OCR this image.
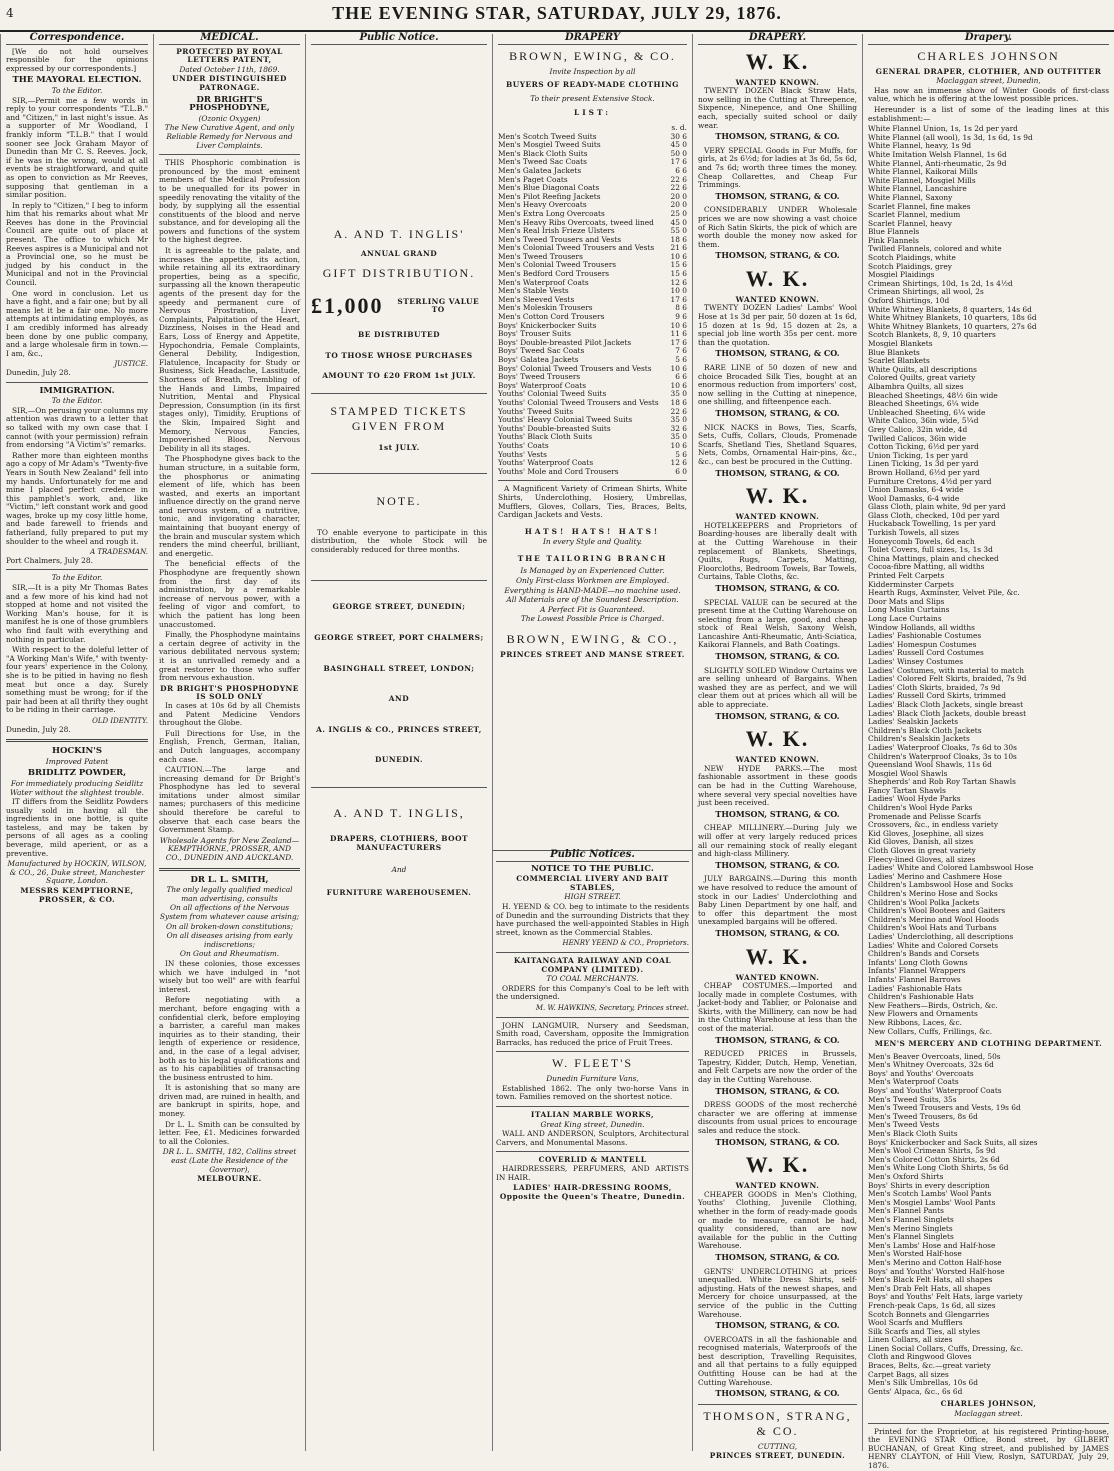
4	THE EVENING STAR, SATURDAY, JULY 29, 1876.
Correspondence.

[We do not hold ourselves responsible for the opinions expressed by our correspondents.]

THE MAYORAL ELECTION.
To the Editor.

SIR,—Permit me a few words in reply to your correspondents "T.L.B." and "Citizen," in last night's issue. As a supporter of Mr Woodland, I frankly inform "T.L.B." that I would sooner see Jock Graham Mayor of Dunedin than Mr C. S. Reeves. Jock, if he was in the wrong, would at all events be straightforward, and quite as open to conviction as Mr Reeves, supposing that gentleman in a similar position.

In reply to "Citizen," I beg to inform him that his remarks about what Mr Reeves has done in the Provincial Council are quite out of place at present. The office to which Mr Reeves aspires is a Municipal and not a Provincial one, so he must be judged by his conduct in the Municipal and not in the Provincial Council.

One word in conclusion. Let us have a fight, and a fair one; but by all means let it be a fair one. No more attempts at intimidating employés, as I am credibly informed has already been done by one public company, and a large wholesale firm in town.—I am, &c.,

JUSTICE.
Dunedin, July 28.
IMMIGRATION.
To the Editor.

SIR,—On perusing your columns my attention was drawn to a letter that so talked with my own case that I cannot (with your permission) refrain from endorsing "A Victim's" remarks.

Rather more than eighteen months ago a copy of Mr Adam's "Twenty-five Years in South New Zealand" fell into my hands. Unfortunately for me and mine I placed perfect credence in this pamphlet's work, and, like "Victim," left constant work and good wages, broke up my cosy little home, and bade farewell to friends and fatherland, fully prepared to put my shoulder to the wheel and rough it.

A TRADESMAN.
Port Chalmers, July 28.
To the Editor.

SIR,—It is a pity Mr Thomas Bates and a few more of his kind had not stopped at home and not visited the Working Man's house, for it is manifest he is one of those grumblers who find fault with everything and nothing in particular.

With respect to the doleful letter of "A Working Man's Wife," with twenty-four years' experience in the Colony, she is to be pitied in having no flesh meat but once a day. Surely something must be wrong; for if the pair had been at all thrifty they ought to be riding in their carriage.

OLD IDENTITY.
Dunedin, July 28.
HOCKIN'S
Improved Patent
BRIDLITZ POWDER,
For immediately producing Seidlitz Water without the slightest trouble.

IT differs from the Seidlitz Powders usually sold in having all the ingredients in one bottle, is quite tasteless, and may be taken by persons of all ages as a cooling beverage, mild aperient, or as a preventive.

Manufactured by HOCKIN, WILSON, & CO., 26, Duke street, Manchester Square, London.
MESSRS KEMPTHORNE, PROSSER, & CO.
MEDICAL.
PROTECTED BY ROYAL LETTERS PATENT,
Dated October 11th, 1869.
UNDER DISTINGUISHED PATRONAGE.
DR BRIGHT'S PHOSPHODYNE,
(Ozonic Oxygen)
The New Curative Agent, and only Reliable Remedy for Nervous and Liver Complaints.

THIS Phosphoric combination is pronounced by the most eminent members of the Medical Profession to be unequalled for its power in speedily renovating the vitality of the body, by supplying all the essential constituents of the blood and nerve substance, and for developing all the powers and functions of the system to the highest degree.

It is agreeable to the palate, and increases the appetite, its action, while retaining all its extraordinary properties, being as a specific, surpassing all the known therapeutic agents of the present day for the speedy and permanent cure of Nervous Prostration, Liver Complaints, Palpitation of the Heart, Dizziness, Noises in the Head and Ears, Loss of Energy and Appetite, Hypochondria, Female Complaints, General Debility, Indigestion, Flatulence, Incapacity for Study or Business, Sick Headache, Lassitude, Shortness of Breath, Trembling of the Hands and Limbs, Impaired Nutrition, Mental and Physical Depression, Consumption (in its first stages only), Timidity, Eruptions of the Skin, Impaired Sight and Memory, Nervous Fancies, Impoverished Blood, Nervous Debility in all its stages.

The Phosphodyne gives back to the human structure, in a suitable form, the phosphorus or animating element of life, which has been wasted, and exerts an important influence directly on the grand nerve and nervous system, of a nutritive, tonic, and invigorating character, maintaining that buoyant energy of the brain and muscular system which renders the mind cheerful, brilliant, and energetic.

The beneficial effects of the Phosphodyne are frequently shown from the first day of its administration, by a remarkable increase of nervous power, with a feeling of vigor and comfort, to which the patient has long been unaccustomed.

Finally, the Phosphodyne maintains a certain degree of activity in the various debilitated nervous system; it is an unrivalled remedy and a great restorer to those who suffer from nervous exhaustion.

DR BRIGHT'S PHOSPHODYNE IS SOLD ONLY

In cases at 10s 6d by all Chemists and Patent Medicine Vendors throughout the Globe.

Full Directions for Use, in the English, French, German, Italian, and Dutch languages, accompany each case.

CAUTION.—The large and increasing demand for Dr Bright's Phosphodyne has led to several imitations under almost similar names; purchasers of this medicine should therefore be careful to observe that each case bears the Government Stamp.

Wholesale Agents for New Zealand—KEMPTHORNE, PROSSER, AND CO., DUNEDIN AND AUCKLAND.
DR L. L. SMITH,
The only legally qualified medical man advertising, consults
On all affections of the Nervous System from whatever cause arising;
On all broken-down constitutions;
On all diseases arising from early indiscretions;
On Gout and Rheumatism.

IN these colonies, those excesses which we have indulged in "not wisely but too well" are with fearful interest.

Before negotiating with a merchant, before engaging with a confidential clerk, before employing a barrister, a careful man makes inquiries as to their standing, their length of experience or residence, and, in the case of a legal adviser, both as to his legal qualifications and as to his capabilities of transacting the business entrusted to him.

It is astonishing that so many are driven mad, are ruined in health, and are bankrupt in spirits, hope, and money.

Dr L. L. Smith can be consulted by letter. Fee, £1. Medicines forwarded to all the Colonies.

DR L. L. SMITH, 182, Collins street east (Late the Residence of the Governor),
MELBOURNE.
Public Notice.
A. AND T. INGLIS'
ANNUAL GRAND
GIFT DISTRIBUTION.
£1,000	STERLING VALUE TO
BE DISTRIBUTED
TO THOSE WHOSE PURCHASES
AMOUNT TO £20 FROM 1st JULY.
STAMPED TICKETS GIVEN FROM
1st JULY.
NOTE.

TO enable everyone to participate in this distribution, the whole Stock will be considerably reduced for three months.

GEORGE STREET, DUNEDIN;
GEORGE STREET, PORT CHALMERS;
BASINGHALL STREET, LONDON;
AND
A. INGLIS & CO., PRINCES STREET,
DUNEDIN.
A. AND T. INGLIS,
DRAPERS, CLOTHIERS, BOOT MANUFACTURERS
And
FURNITURE WAREHOUSEMEN.
DRAPERY
BROWN, EWING, & CO.
Invite Inspection by all
BUYERS OF READY-MADE CLOTHING
To their present Extensive Stock.
LIST:
s. d.
Men's Scotch Tweed Suits	30 6
Men's Mosgiel Tweed Suits	45 0
Men's Black Cloth Suits	50 0
Men's Tweed Sac Coats	17 6
Men's Galatea Jackets	6 6
Men's Paget Coats	22 6
Men's Blue Diagonal Coats	22 6
Men's Pilot Reefing Jackets	20 0
Men's Heavy Overcoats	20 0
Men's Extra Long Overcoats	25 0
Men's Heavy Ribs Overcoats, tweed lined 45 0
Men's Real Irish Frieze Ulsters	55 0
Men's Tweed Trousers and Vests	18 6
Men's Colonial Tweed Trousers and Vests 21 6
Men's Tweed Trousers	10 6
Men's Colonial Tweed Trousers	15 6
Men's Bedford Cord Trousers	15 6
Men's Waterproof Coats	12 6
Men's Stable Vests	10 0
Men's Sleeved Vests	17 6
Men's Moleskin Trousers	8 6
Men's Cotton Cord Trousers	9 6
Boys' Knickerbocker Suits	10 6
Boys' Trouser Suits	11 6
Boys' Double-breasted Pilot Jackets	17 6
Boys' Tweed Sac Coats	7 6
Boys' Galatea Jackets	5 6
Boys' Colonial Tweed Trousers and Vests	10 6
Boys' Tweed Trousers	6 6
Boys' Waterproof Coats	10 6
Youths' Colonial Tweed Suits	35 0
Youths' Colonial Tweed Trousers and Vests 18 6
Youths' Tweed Suits	22 6
Youths' Heavy Colonial Tweed Suits	35 0
Youths' Double-breasted Suits	32 6
Youths' Black Cloth Suits	35 0
Youths' Coats	10 6
Youths' Vests	5 6
Youths' Waterproof Coats	12 6
Youths' Mole and Cord Trousers	6 0

A Magnificent Variety of Crimean Shirts, White Shirts, Underclothing, Hosiery, Umbrellas, Mufflers, Gloves, Collars, Ties, Braces, Belts, Cardigan Jackets and Vests.

HATS! HATS! HATS!
In every Style and Quality.
THE TAILORING BRANCH
Is Managed by an Experienced Cutter.
Only First-class Workmen are Employed.
Everything is HAND-MADE—no machine used.
All Materials are of the Soundest Description.
A Perfect Fit is Guaranteed.
The Lowest Possible Price is Charged.
BROWN, EWING, & CO.,
PRINCES STREET AND MANSE STREET.
Public Notices.
NOTICE TO THE PUBLIC.
COMMERCIAL LIVERY AND BAIT STABLES,
HIGH STREET.

H. YEEND & CO. beg to intimate to the residents of Dunedin and the surrounding Districts that they have purchased the well-appointed Stables in High street, known as the Commercial Stables.

HENRY YEEND & CO., Proprietors.
KAITANGATA RAILWAY AND COAL COMPANY (LIMITED).
TO COAL MERCHANTS.

ORDERS for this Company's Coal to be left with the undersigned.

M. W. HAWKINS, Secretary, Princes street.

JOHN LANGMUIR, Nursery and Seedsman, Smith road, Caversham, opposite the Immigration Barracks, has reduced the price of Fruit Trees.

W. FLEET'S
Dunedin Furniture Vans,

Established 1862. The only two-horse Vans in town. Families removed on the shortest notice.

ITALIAN MARBLE WORKS,
Great King street, Dunedin.

WALL AND ANDERSON, Sculptors, Architectural Carvers, and Monumental Masons.

COVERLID & MANTELL

HAIRDRESSERS, PERFUMERS, AND ARTISTS IN HAIR.

LADIES' HAIR-DRESSING ROOMS, Opposite the Queen's Theatre, Dunedin.
DRAPERY.
W. K.
WANTED KNOWN.

TWENTY DOZEN Black Straw Hats, now selling in the Cutting at Threepence, Sixpence, Ninepence, and One Shilling each, specially suited school or daily wear.

THOMSON, STRANG, & CO.

VERY SPECIAL Goods in Fur Muffs, for girls, at 2s 6½d; for ladies at 3s 6d, 5s 6d, and 7s 6d; worth three times the money. Cheap Collarettes, and Cheap Fur Trimmings.

THOMSON, STRANG, & CO.

CONSIDERABLY UNDER Wholesale prices we are now showing a vast choice of Rich Satin Skirts, the pick of which are worth double the money now asked for them.

THOMSON, STRANG, & CO.
W. K.
WANTED KNOWN.

TWENTY DOZEN Ladies' Lambs' Wool Hose at 1s 3d per pair, 50 dozen at 1s 6d, 15 dozen at 1s 9d, 15 dozen at 2s, a special job line worth 35s per cent. more than the quotation.

THOMSON, STRANG, & CO.

RARE LINE of 50 dozen of new and choice Brocaded Silk Ties, bought at an enormous reduction from importers' cost, now selling in the Cutting at ninepence, one shilling, and fifteenpence each.

THOMSON, STRANG, & CO.

NICK NACKS in Bows, Ties, Scarfs, Sets, Cuffs, Collars, Clouds, Promenade Scarfs, Shetland Ties, Shetland Squares, Nets, Combs, Ornamental Hair-pins, &c., &c., can best be procured in the Cutting.

THOMSON, STRANG, & CO.
W. K.
WANTED KNOWN.

HOTELKEEPERS and Proprietors of Boarding-houses are liberally dealt with at the Cutting Warehouse in their replacement of Blankets, Sheetings, Quilts, Rugs, Carpets, Matting, Floorcloths, Bedroom Towels, Bar Towels, Curtains, Table Cloths, &c.

THOMSON, STRANG, & CO.

SPECIAL VALUE can be secured at the present time at the Cutting Warehouse on selecting from a large, good, and cheap stock of Real Welsh, Saxony Welsh, Lancashire Anti-Rheumatic, Anti-Sciatica, Kaikorai Flannels, and Bath Coatings.

THOMSON, STRANG, & CO.

SLIGHTLY SOILED Window Curtains we are selling unheard of Bargains. When washed they are as perfect, and we will clear them out at prices which all will be able to appreciate.

THOMSON, STRANG, & CO.
W. K.
WANTED KNOWN.

NEW HYDE PARKS.—The most fashionable assortment in these goods can be had in the Cutting Warehouse, where several very special novelties have just been received.

THOMSON, STRANG, & CO.

CHEAP MILLINERY.—During July we will offer at very largely reduced prices all our remaining stock of really elegant and high-class Millinery.

THOMSON, STRANG, & CO.

JULY BARGAINS.—During this month we have resolved to reduce the amount of stock in our Ladies' Underclothing and Baby Linen Department by one half, and to offer this department the most unexampled bargains will be offered.

THOMSON, STRANG, & CO.
W. K.
WANTED KNOWN.

CHEAP COSTUMES.—Imported and locally made in complete Costumes, with Jacket-body and Tablier, or Polonaise and Skirts, with the Millinery, can now be had in the Cutting Warehouse at less than the cost of the material.

THOMSON, STRANG, & CO.

REDUCED PRICES in Brussels, Tapestry, Kidder, Dutch, Hemp, Venetian, and Felt Carpets are now the order of the day in the Cutting Warehouse.

THOMSON, STRANG, & CO.

DRESS GOODS of the most recherché character we are offering at immense discounts from usual prices to encourage sales and reduce the stock.

THOMSON, STRANG, & CO.
W. K.
WANTED KNOWN.

CHEAPER GOODS in Men's Clothing, Youths' Clothing, Juvenile Clothing, whether in the form of ready-made goods or made to measure, cannot be had, quality considered, than are now available for the public in the Cutting Warehouse.

THOMSON, STRANG, & CO.

GENTS' UNDERCLOTHING at prices unequalled. White Dress Shirts, self-adjusting. Hats of the newest shapes, and Mercery for choice unsurpassed, at the service of the public in the Cutting Warehouse.

THOMSON, STRANG, & CO.

OVERCOATS in all the fashionable and recognised materials, Waterproofs of the best description, Travelling Requisites, and all that pertains to a fully equipped Outfitting House can be had at the Cutting Warehouse.

THOMSON, STRANG, & CO.
THOMSON, STRANG, & CO.
CUTTING,
PRINCES STREET, DUNEDIN.
Drapery.
CHARLES JOHNSON
GENERAL DRAPER, CLOTHIER, AND OUTFITTER
Maclaggan street, Dunedin,

Has now an immense show of Winter Goods of first-class value, which he is offering at the lowest possible prices.

Hereunder is a list of some of the leading lines at this establishment:—

White Flannel Union, 1s, 1s 2d per yard
White Flannel (all wool), 1s 3d, 1s 6d, 1s 9d
White Flannel, heavy, 1s 9d
White Imitation Welsh Flannel, 1s 6d
White Flannel, Anti-rheumatic, 2s 9d
White Flannel, Kaikorai Mills
White Flannel, Mosgiel Mills
White Flannel, Lancashire
White Flannel, Saxony
Scarlet Flannel, fine makes
Scarlet Flannel, medium
Scarlet Flannel, heavy
Blue Flannels
Pink Flannels
Twilled Flannels, colored and white
Scotch Plaidings, white
Scotch Plaidings, grey
Mosgiel Plaidings
Crimean Shirtings, 10d, 1s 2d, 1s 4½d
Crimean Shirtings, all wool, 2s
Oxford Shirtings, 10d
White Whitney Blankets, 8 quarters, 14s 6d
White Whitney Blankets, 10 quarters, 18s 6d
White Whitney Blankets, 10 quarters, 27s 6d
Scotch Blankets, 8, 9, 10 quarters
Mosgiel Blankets
Blue Blankets
Scarlet Blankets
White Quilts, all descriptions
Colored Quilts, great variety
Albambra Quilts, all sizes
Bleached Sheetings, 48½ 6in wide
Bleached Sheetings, 6¼ wide
Unbleached Sheeting, 6¼ wide
White Calico, 36in wide, 5¼d
Grey Calico, 32in wide, 4d
Twilled Calicos, 36in wide
Cotton Ticking, 6½d per yard
Union Ticking, 1s per yard
Linen Ticking, 1s 3d per yard
Brown Holland, 6½d per yard
Furniture Cretons, 4½d per yard
Union Damasks, 6-4 wide
Wool Damasks, 6-4 wide
Glass Cloth, plain white, 9d per yard
Glass Cloth, checked, 10d per yard
Huckaback Towelling, 1s per yard
Turkish Towels, all sizes
Honeycomb Towels, 6d each
Toilet Covers, full sizes, 1s, 1s 3d
China Mattings, plain and checked
Cocoa-fibre Matting, all widths
Printed Felt Carpets
Kidderminster Carpets
Hearth Rugs, Axminster, Velvet Pile, &c.
Door Mats and Slips
Long Muslin Curtains
Long Lace Curtains
Window Hollands, all widths
Ladies' Fashionable Costumes
Ladies' Homespun Costumes
Ladies' Russell Cord Costumes
Ladies' Winsey Costumes
Ladies' Costumes, with material to match
Ladies' Colored Felt Skirts, braided, 7s 9d
Ladies' Cloth Skirts, braided, 7s 9d
Ladies' Russell Cord Skirts, trimmed
Ladies' Black Cloth Jackets, single breast
Ladies' Black Cloth Jackets, double breast
Ladies' Sealskin Jackets
Children's Black Cloth Jackets
Children's Sealskin Jackets
Ladies' Waterproof Cloaks, 7s 6d to 30s
Children's Waterproof Cloaks, 3s to 10s
Queensland Wool Shawls, 11s 6d
Mosgiel Wool Shawls
Shepherds' and Rob Roy Tartan Shawls
Fancy Tartan Shawls
Ladies' Wool Hyde Parks
Children's Wool Hyde Parks
Promenade and Pelisse Scarfs
Crossovers, &c., in endless variety
Kid Gloves, Josephine, all sizes
Kid Gloves, Danish, all sizes
Cloth Gloves in great variety
Fleecy-lined Gloves, all sizes
Ladies' White and Colored Lambswool Hose
Ladies' Merino and Cashmere Hose
Children's Lambswool Hose and Socks
Children's Merino Hose and Socks
Children's Wool Polka Jackets
Children's Wool Bootees and Gaiters
Children's Merino and Wool Hoods
Children's Wool Hats and Turbans
Ladies' Underclothing, all descriptions
Ladies' White and Colored Corsets
Children's Bands and Corsets
Infants' Long Cloth Gowns
Infants' Flannel Wrappers
Infants' Flannel Barrows
Ladies' Fashionable Hats
Children's Fashionable Hats
New Feathers—Birds, Ostrich, &c.
New Flowers and Ornaments
New Ribbons, Laces, &c.
New Collars, Cuffs, Frillings, &c.
MEN'S MERCERY AND CLOTHING DEPARTMENT.
Men's Beaver Overcoats, lined, 50s
Men's Whitney Overcoats, 32s 6d
Boys' and Youths' Overcoats
Men's Waterproof Coats
Boys' and Youths' Waterproof Coats
Men's Tweed Suits, 35s
Men's Tweed Trousers and Vests, 19s 6d
Men's Tweed Trousers, 8s 6d
Men's Tweed Vests
Men's Black Cloth Suits
Boys' Knickerbocker and Sack Suits, all sizes
Men's Wool Crimean Shirts, 5s 9d
Men's Colored Cotton Shirts, 2s 6d
Men's White Long Cloth Shirts, 5s 6d
Men's Oxford Shirts
Boys' Shirts in every description
Men's Scotch Lambs' Wool Pants
Men's Mosgiel Lambs' Wool Pants
Men's Flannel Pants
Men's Flannel Singlets
Men's Merino Singlets
Men's Flannel Singlets
Men's Lambs' Hose and Half-hose
Men's Worsted Half-hose
Men's Merino and Cotton Half-hose
Boys' and Youths' Worsted Half-hose
Men's Black Felt Hats, all shapes
Men's Drab Felt Hats, all shapes
Boys' and Youths' Felt Hats, large variety
French-peak Caps, 1s 6d, all sizes
Scotch Bonnets and Glengarries
Wool Scarfs and Mufflers
Silk Scarfs and Ties, all styles
Linen Collars, all sizes
Linen Social Collars, Cuffs, Dressing, &c.
Cloth and Ringwood Gloves
Braces, Belts, &c.—great variety
Carpet Bags, all sizes
Men's Silk Umbrellas, 10s 6d
Gents' Alpaca, &c., 6s 6d
CHARLES JOHNSON,
Maclaggan street.

Printed for the Proprietor, at his registered Printing-house, the EVENING STAR Office, Bond street, by GILBERT BUCHANAN, of Great King street, and published by JAMES HENRY CLAYTON, of Hill View, Roslyn, SATURDAY, July 29, 1876.
